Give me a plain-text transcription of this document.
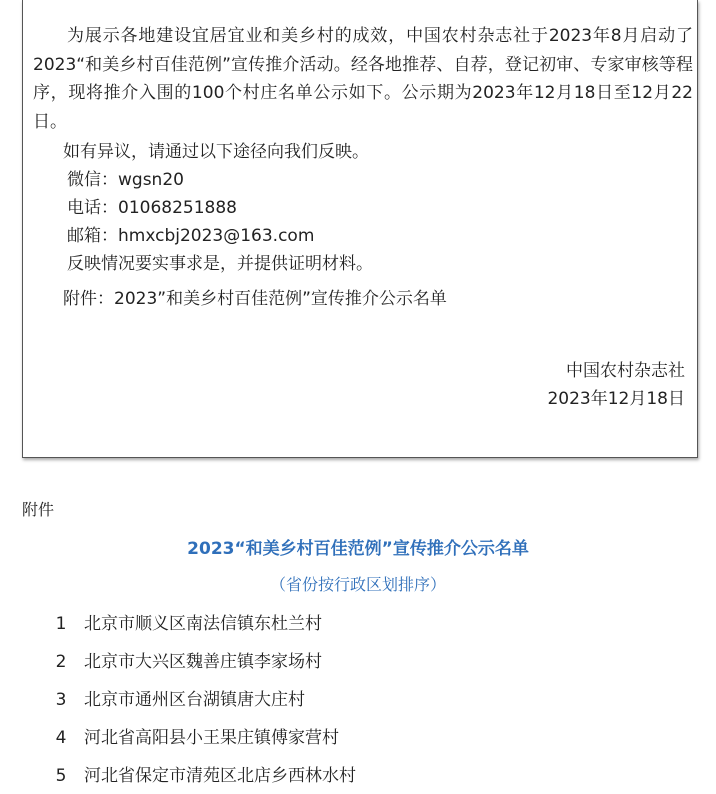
为展示各地建设宜居宜业和美乡村的成效，中国农村杂志社于2023年8月启动了2023“和美乡村百佳范例”宣传推介活动。经各地推荐、自荐，登记初审、专家审核等程序，现将推介入围的100个村庄名单公示如下。公示期为2023年12月18日至12月22日。

如有异议，请通过以下途径向我们反映。

微信：wgsn20

电话：01068251888

邮箱：hmxcbj2023@163.com

反映情况要实事求是，并提供证明材料。

附件：2023”和美乡村百佳范例”宣传推介公示名单

中国农村杂志社

2023年12月18日

附件

2023“和美乡村百佳范例”宣传推介公示名单

（省份按行政区划排序）

1 北京市顺义区南法信镇东杜兰村
2 北京市大兴区魏善庄镇李家场村
3 北京市通州区台湖镇唐大庄村
4 河北省高阳县小王果庄镇傅家营村
5 河北省保定市清苑区北店乡西林水村
